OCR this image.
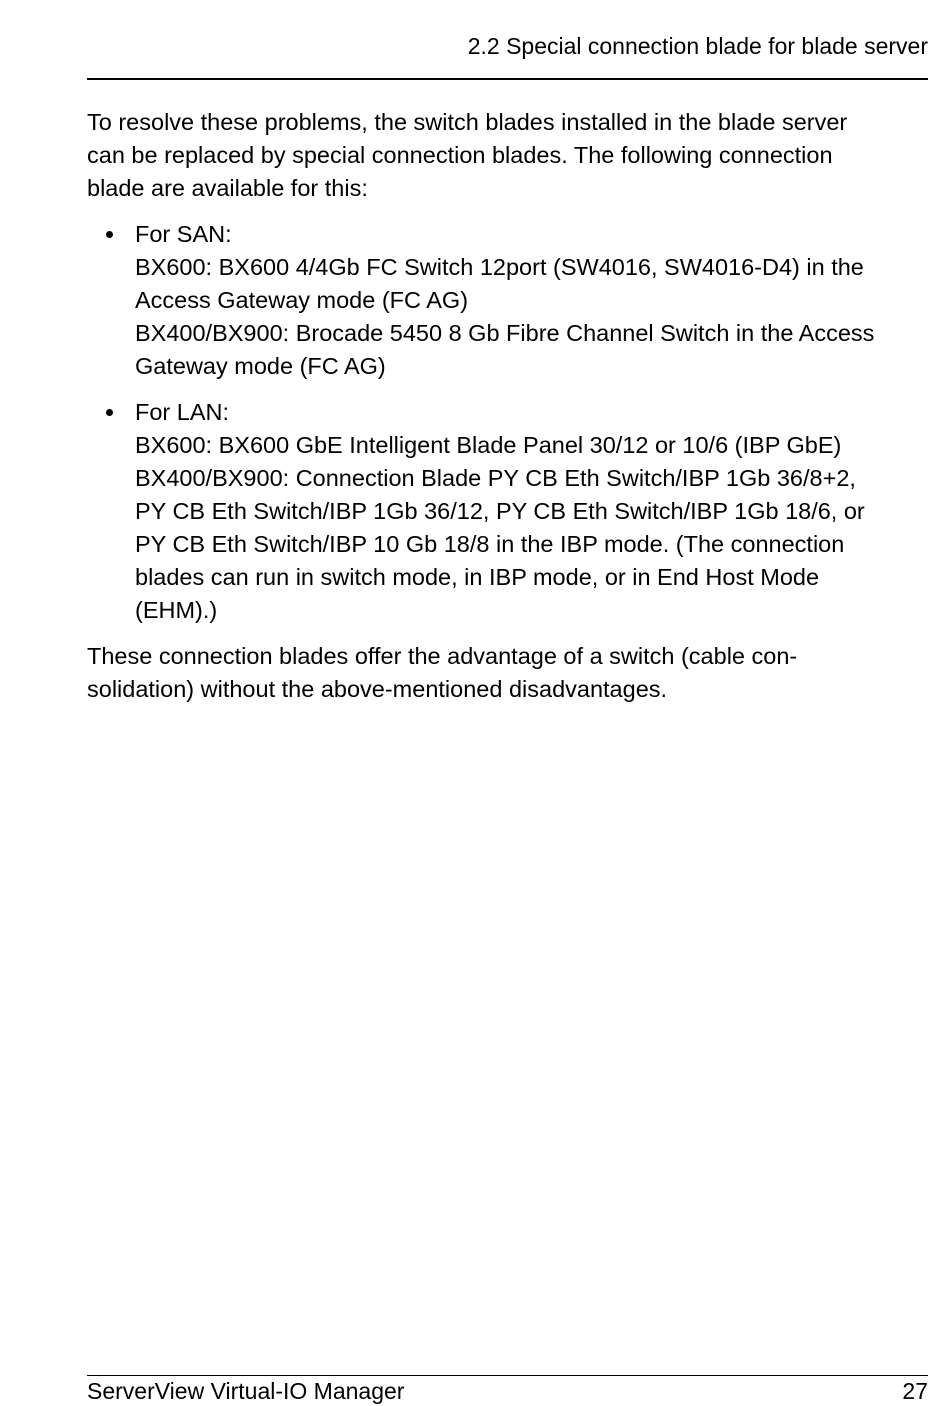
2.2 Special connection blade for blade server

To resolve these problems, the switch blades installed in the blade server
can be replaced by special connection blades. The following connection
blade are available for this:

For SAN:
BX600: BX600 4/4Gb FC Switch 12port (SW4016, SW4016-D4) in the
Access Gateway mode (FC AG)
BX400/BX900: Brocade 5450 8 Gb Fibre Channel Switch in the Access
Gateway mode (FC AG)
For LAN:
BX600: BX600 GbE Intelligent Blade Panel 30/12 or 10/6 (IBP GbE)
BX400/BX900: Connection Blade PY CB Eth Switch/IBP 1Gb 36/8+2,
PY CB Eth Switch/IBP 1Gb 36/12, PY CB Eth Switch/IBP 1Gb 18/6, or
PY CB Eth Switch/IBP 10 Gb 18/8 in the IBP mode. (The connection
blades can run in switch mode, in IBP mode, or in End Host Mode
(EHM).)

These connection blades offer the advantage of a switch (cable con-
solidation) without the above-mentioned disadvantages.

ServerView Virtual-IO Manager	27
